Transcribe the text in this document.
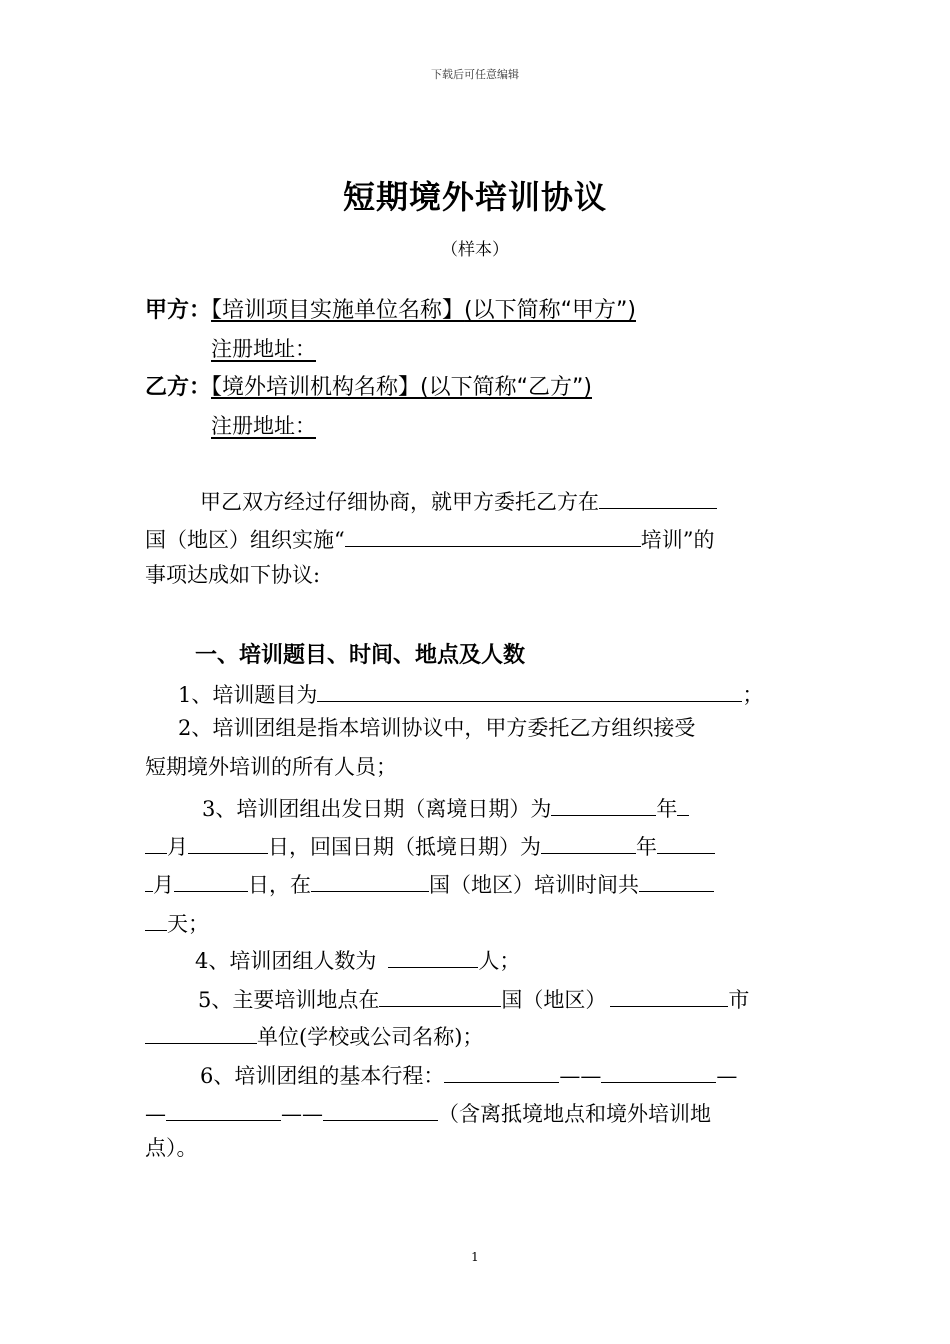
下载后可任意编辑
短期境外培训协议
（样本）
甲方：【培训项目实施单位名称】(以下简称“甲方”)
注册地址：
乙方：【境外培训机构名称】(以下简称“乙方”)
注册地址：
甲乙双方经过仔细协商，就甲方委托乙方在
国（地区）组织实施“	培训”的
事项达成如下协议:
一、培训题目、时间、地点及人数
1、培训题目为	；
2、培训团组是指本培训协议中，甲方委托乙方组织接受
短期境外培训的所有人员；
3、培训团组出发日期（离境日期）为	年
月	日，回国日期（抵境日期）为	年
月	日，在	国（地区）培训时间共
天；
4、培训团组人数为	人；
5、主要培训地点在	国（地区）	市
单位(学校或公司名称)；
6、培训团组的基本行程：	——	—
—	——	（含离抵境地点和境外培训地
点）。
1
